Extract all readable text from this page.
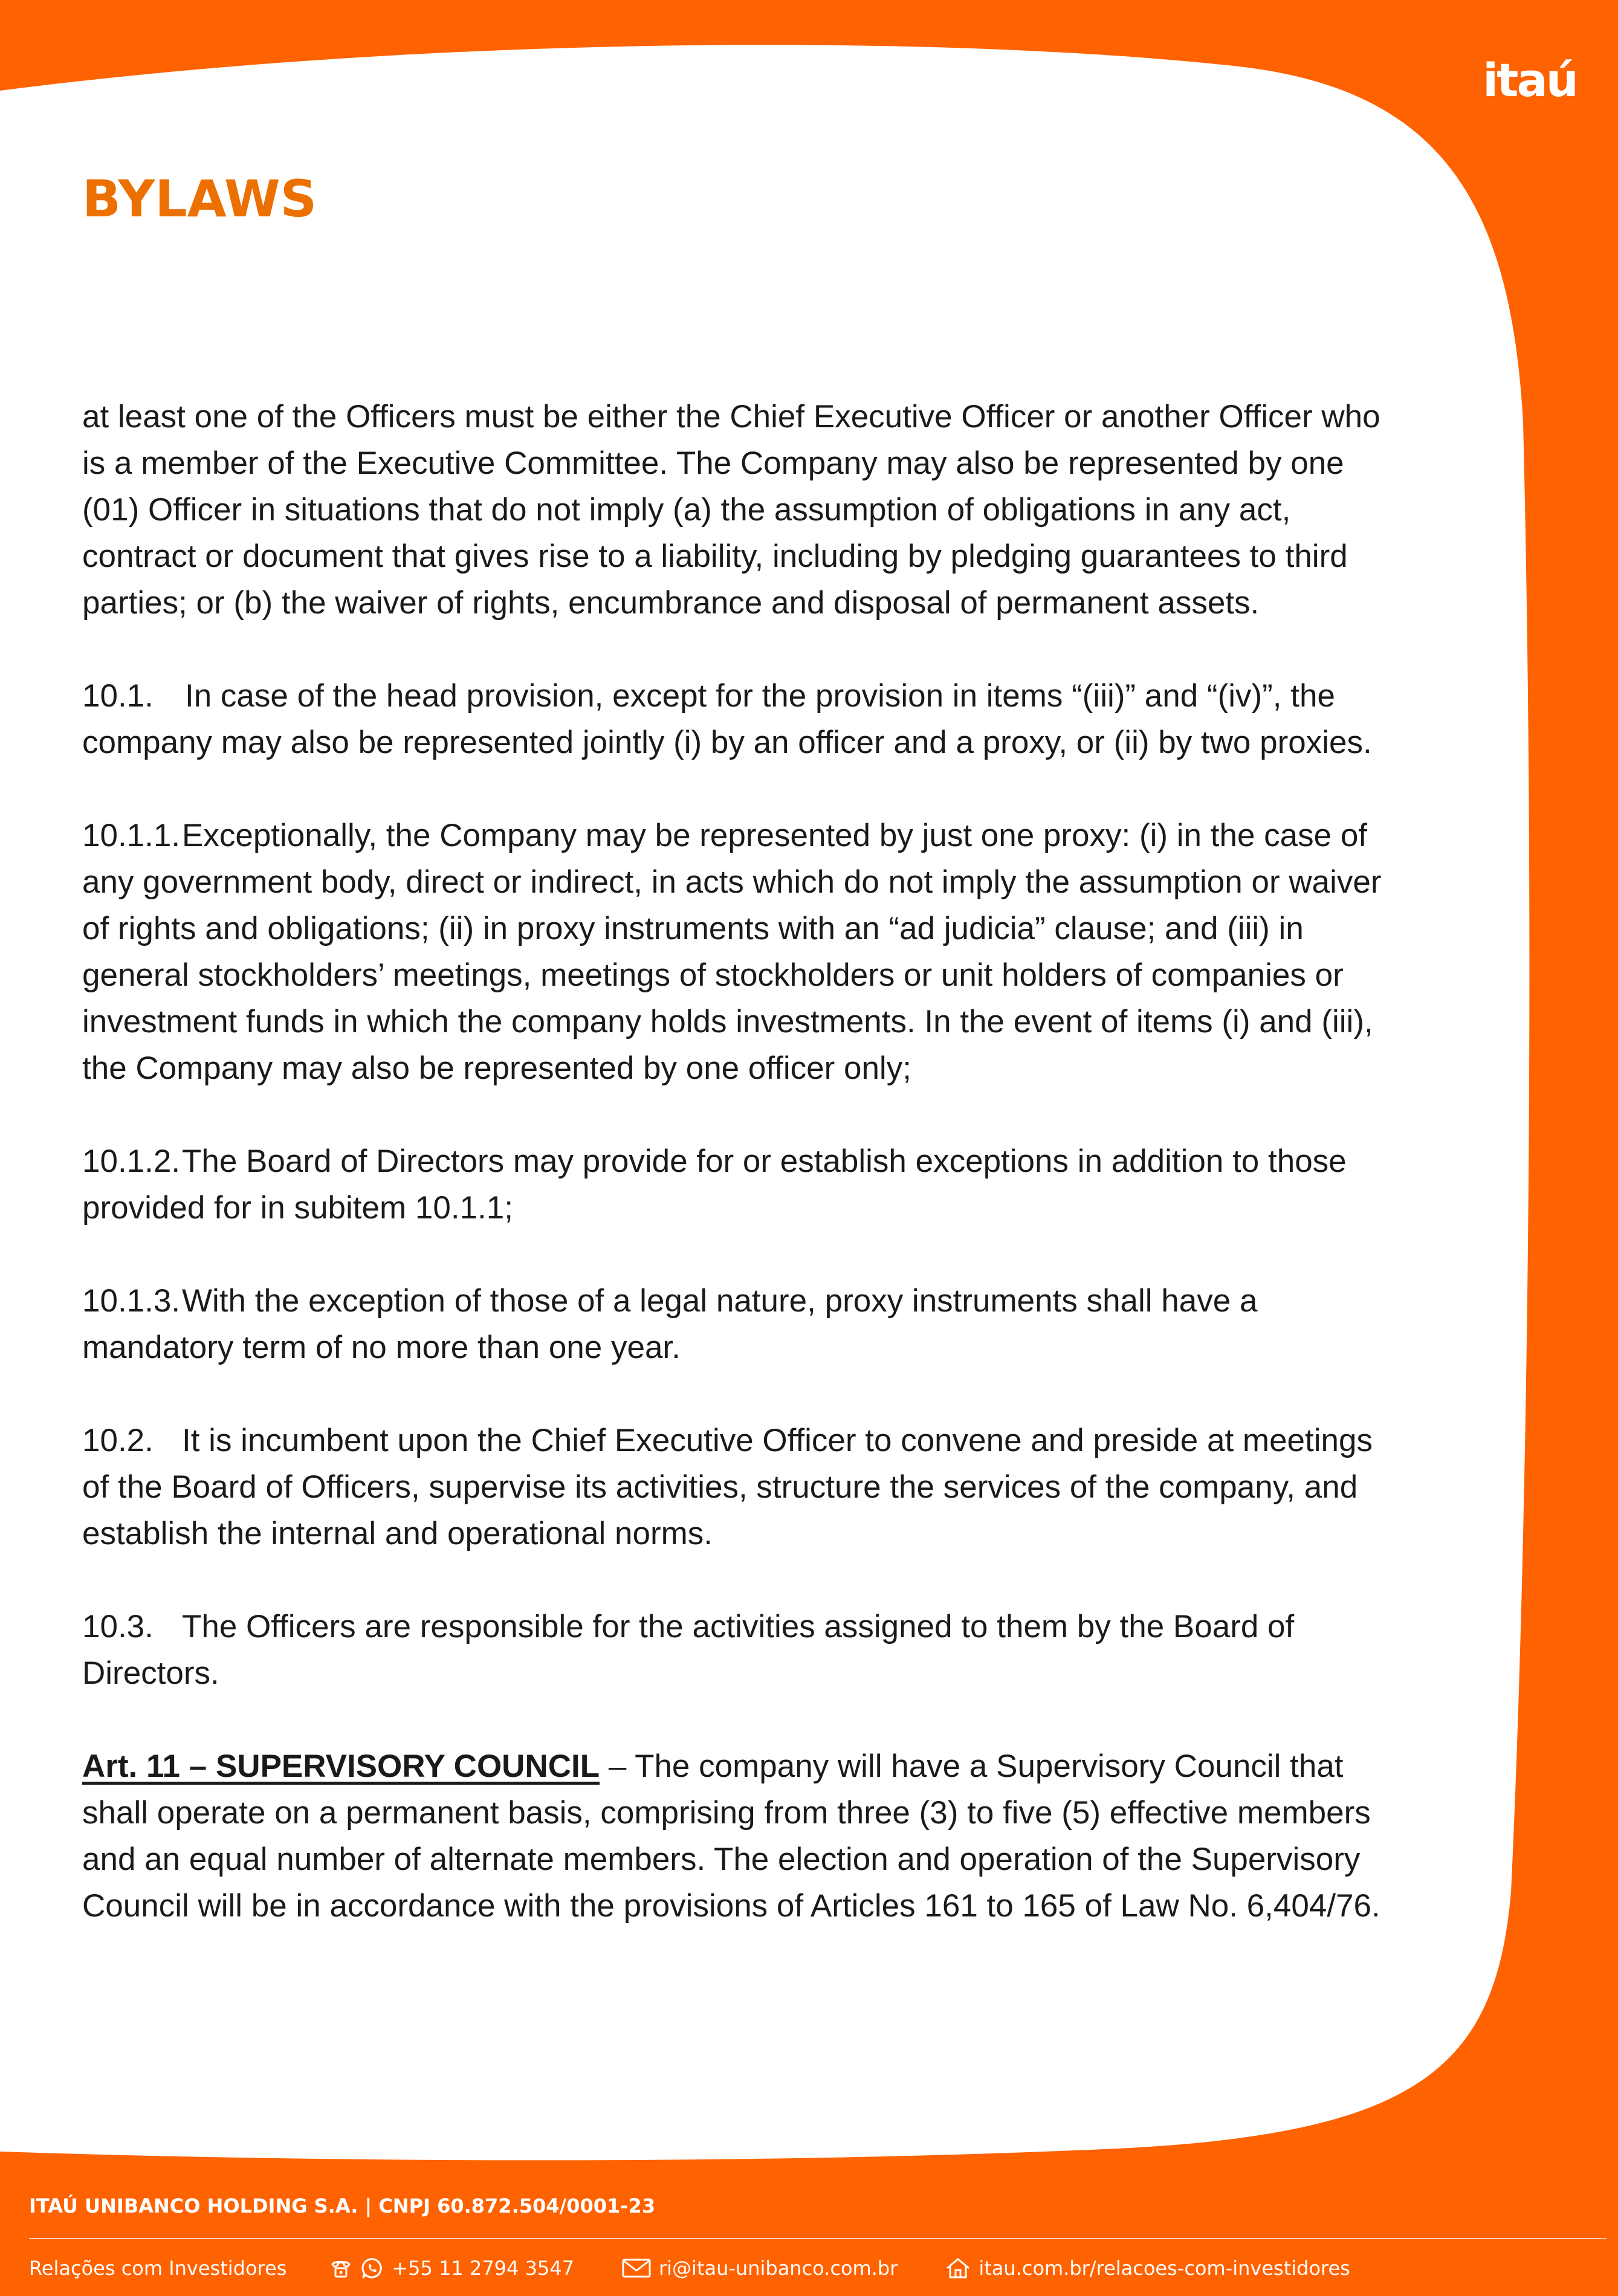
itaú
BYLAWS

at least one of the Officers must be either the Chief Executive Officer or another Officer who is a member of the Executive Committee. The Company may also be represented by one (01) Officer in situations that do not imply (a) the assumption of obligations in any act, contract or document that gives rise to a liability, including by pledging guarantees to third parties; or (b) the waiver of rights, encumbrance and disposal of permanent assets.

10.1. In case of the head provision, except for the provision in items “(iii)” and “(iv)”, the company may also be represented jointly (i) by an officer and a proxy, or (ii) by two proxies.

10.1.1.Exceptionally, the Company may be represented by just one proxy: (i) in the case of any government body, direct or indirect, in acts which do not imply the assumption or waiver of rights and obligations; (ii) in proxy instruments with an “ad judicia” clause; and (iii) in general stockholders’ meetings, meetings of stockholders or unit holders of companies or investment funds in which the company holds investments. In the event of items (i) and (iii), the Company may also be represented by one officer only;

10.1.2.The Board of Directors may provide for or establish exceptions in addition to those provided for in subitem 10.1.1;

10.1.3.With the exception of those of a legal nature, proxy instruments shall have a mandatory term of no more than one year.

10.2. It is incumbent upon the Chief Executive Officer to convene and preside at meetings of the Board of Officers, supervise its activities, structure the services of the company, and establish the internal and operational norms.

10.3. The Officers are responsible for the activities assigned to them by the Board of Directors.

Art. 11 – SUPERVISORY COUNCIL – The company will have a Supervisory Council that shall operate on a permanent basis, comprising from three (3) to five (5) effective members and an equal number of alternate members. The election and operation of the Supervisory Council will be in accordance with the provisions of Articles 161 to 165 of Law No. 6,404/76.

ITAÚ UNIBANCO HOLDING S.A. | CNPJ 60.872.504/0001-23
Relações com Investidores	+55 11 2794 3547	ri@itau-unibanco.com.br	itau.com.br/relacoes-com-investidores
